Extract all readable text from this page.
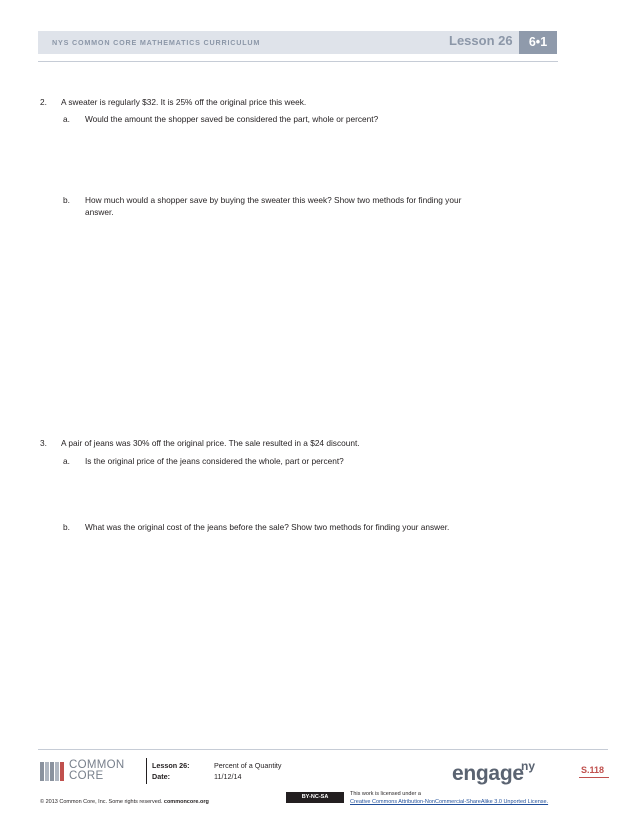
NYS COMMON CORE MATHEMATICS CURRICULUM	Lesson 26	6•1
2.	A sweater is regularly $32. It is 25% off the original price this week.
a.	Would the amount the shopper saved be considered the part, whole or percent?
b.	How much would a shopper save by buying the sweater this week? Show two methods for finding your
answer.
3.	A pair of jeans was 30% off the original price. The sale resulted in a $24 discount.
a.	Is the original price of the jeans considered the whole, part or percent?
b.	What was the original cost of the jeans before the sale? Show two methods for finding your answer.
COMMON
CORE
Lesson 26:	Percent of a Quantity
Date:	11/12/14	engage
ny	S.118
BY-NC-SA	This work is licensed under a
Creative Commons Attribution-NonCommercial-ShareAlike 3.0 Unported License.
© 2013 Common Core, Inc. Some rights reserved. commoncore.org
